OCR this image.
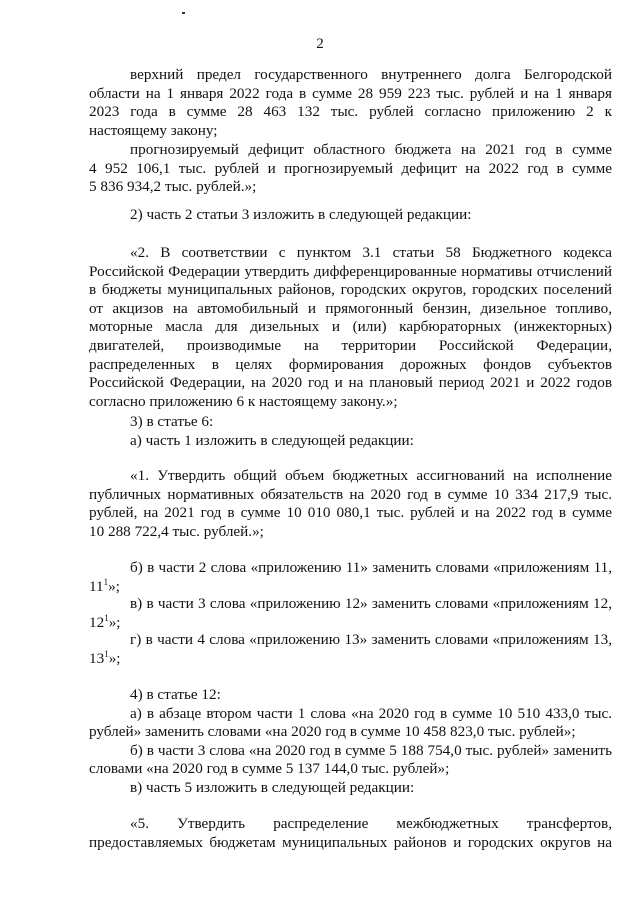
2
верхний предел государственного внутреннего долга Белгородской
области на 1 января 2022 года в сумме 28 959 223 тыс. рублей и на 1 января
2023 года в сумме 28 463 132 тыс. рублей согласно приложению 2 к
настоящему закону;
прогнозируемый дефицит областного бюджета на 2021 год в сумме
4 952 106,1 тыс. рублей и прогнозируемый дефицит на 2022 год в сумме
5 836 934,2 тыс. рублей.»;
2) часть 2 статьи 3 изложить в следующей редакции:
«2. В соответствии с пунктом 3.1 статьи 58 Бюджетного кодекса
Российской Федерации утвердить дифференцированные нормативы отчислений
в бюджеты муниципальных районов, городских округов, городских поселений
от акцизов на автомобильный и прямогонный бензин, дизельное топливо,
моторные масла для дизельных и (или) карбюраторных (инжекторных)
двигателей, производимые на территории Российской Федерации,
распределенных в целях формирования дорожных фондов субъектов
Российской Федерации, на 2020 год и на плановый период 2021 и 2022 годов
согласно приложению 6 к настоящему закону.»;
3) в статье 6:
а) часть 1 изложить в следующей редакции:
«1. Утвердить общий объем бюджетных ассигнований на исполнение
публичных нормативных обязательств на 2020 год в сумме 10 334 217,9 тыс.
рублей, на 2021 год в сумме 10 010 080,1 тыс. рублей и на 2022 год в сумме
10 288 722,4 тыс. рублей.»;
б) в части 2 слова «приложению 11» заменить словами «приложениям 11,
$11^1$»;
в) в части 3 слова «приложению 12» заменить словами «приложениям 12,
$12^1$»;
г) в части 4 слова «приложению 13» заменить словами «приложениям 13,
$13^1$»;
4) в статье 12:
а) в абзаце втором части 1 слова «на 2020 год в сумме 10 510 433,0 тыс.
рублей» заменить словами «на 2020 год в сумме 10 458 823,0 тыс. рублей»;
б) в части 3 слова «на 2020 год в сумме 5 188 754,0 тыс. рублей» заменить
словами «на 2020 год в сумме 5 137 144,0 тыс. рублей»;
в) часть 5 изложить в следующей редакции:
«5. Утвердить распределение межбюджетных трансфертов,
предоставляемых бюджетам муниципальных районов и городских округов на
